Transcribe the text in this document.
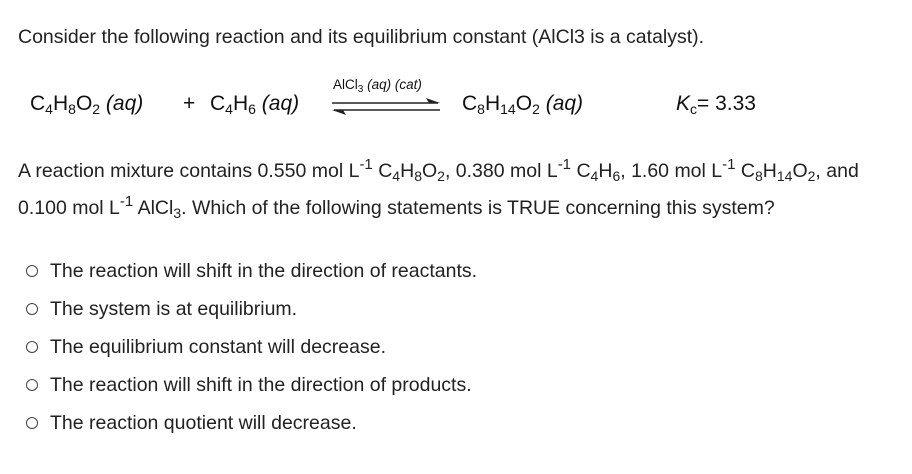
Consider the following reaction and its equilibrium constant (AlCl3 is a catalyst).
$C_4H_8O_2$ $(aq) + C_4H_6$ (aq)
AlCl$_3$ (aq) (cat)
$C_8H_{14}O_2$ (aq)	$K_c= 3.33$
A reaction mixture contains 0.550 mol $L^{-1}$ $C_4H_8O_2$, 0.380 mol $L^{-1}$ $C_4H_6$, 1.60 mol $L^{-1}$ $C_8H_{14}O_2$, and 0.100 mol $L^{-1}$ AlCl$_3$. Which of the following statements is TRUE concerning this system?
The reaction will shift in the direction of reactants.
The system is at equilibrium.
The equilibrium constant will decrease.
The reaction will shift in the direction of products.
The reaction quotient will decrease.
